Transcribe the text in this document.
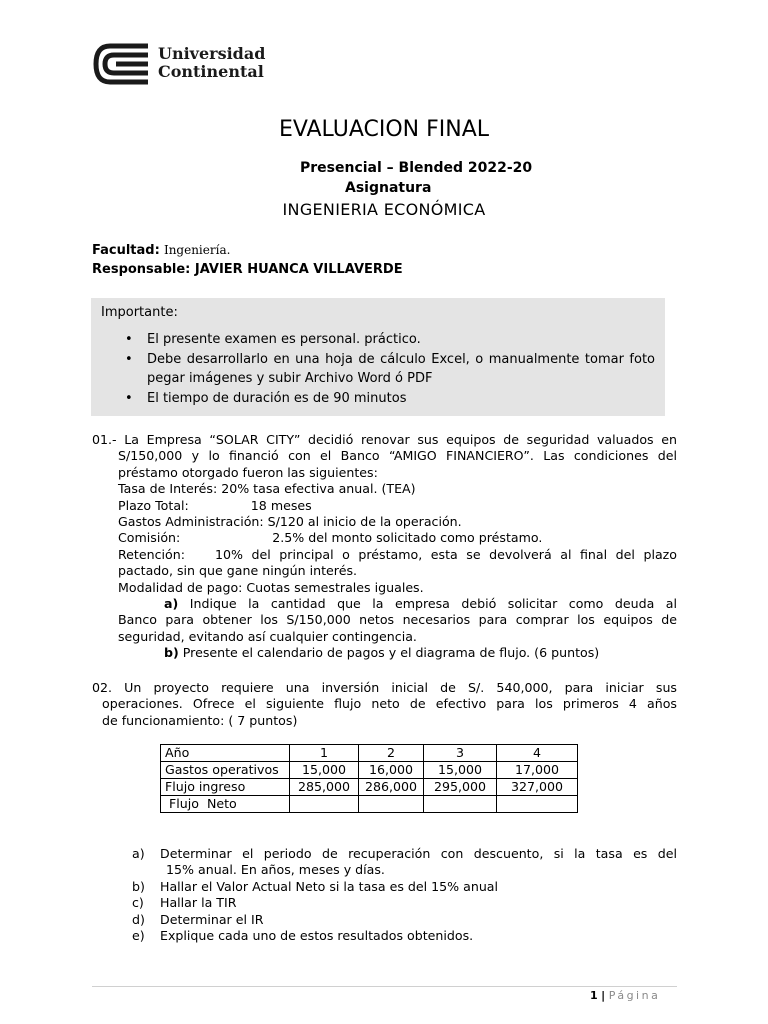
Universidad
Continental
EVALUACION FINAL
Presencial – Blended 2022-20
Asignatura
INGENIERIA ECONÓMICA
Facultad: Ingeniería.
Responsable: JAVIER HUANCA VILLAVERDE
Importante:
• El presente examen es personal. práctico.
• Debe desarrollarlo en una hoja de cálculo Excel, o manualmente tomar foto pegar imágenes y subir Archivo Word ó PDF
• El tiempo de duración es de 90 minutos
01.- La Empresa “SOLAR CITY” decidió renovar sus equipos de seguridad valuados en
S/150,000 y lo financió con el Banco “AMIGO FINANCIERO”. Las condiciones del
préstamo otorgado fueron las siguientes:
Tasa de Interés: 20% tasa efectiva anual. (TEA)
Plazo Total:	18 meses
Gastos Administración: S/120 al inicio de la operación.
Comisión:	2.5% del monto solicitado como préstamo.
Retención: 10% del principal o préstamo, esta se devolverá al final del plazo
pactado, sin que gane ningún interés.
Modalidad de pago: Cuotas semestrales iguales.
a) Indique la cantidad que la empresa debió solicitar como deuda al
Banco para obtener los S/150,000 netos necesarios para comprar los equipos de
seguridad, evitando así cualquier contingencia.
b) Presente el calendario de pagos y el diagrama de flujo. (6 puntos)
02. Un proyecto requiere una inversión inicial de S/. 540,000, para iniciar sus
operaciones. Ofrece el siguiente flujo neto de efectivo para los primeros 4 años
de funcionamiento: ( 7 puntos)
Año	1	2	3	4
Gastos operativos	15,000	16,000	15,000	17,000
Flujo ingreso	285,000	286,000	295,000	327,000
Flujo  Neto				
a) Determinar el periodo de recuperación con descuento, si la tasa es del
15% anual. En años, meses y días.
b) Hallar el Valor Actual Neto si la tasa es del 15% anual
c) Hallar la TIR
d) Determinar el IR
e) Explique cada uno de estos resultados obtenidos.
1 | Página
